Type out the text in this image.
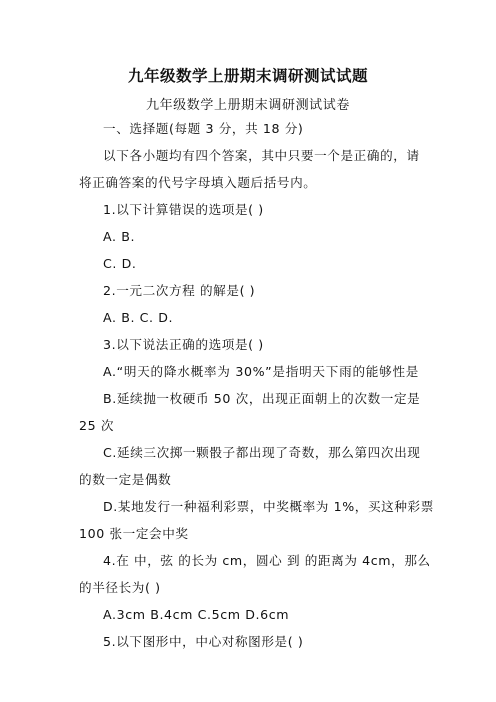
九年级数学上册期末调研测试试题
九年级数学上册期末调研测试试卷
一、选择题(每题 3 分，共 18 分)
以下各小题均有四个答案，其中只要一个是正确的，请
将正确答案的代号字母填入题后括号内。
1.以下计算错误的选项是( )
A. B.
C. D.
2.一元二次方程 的解是( )
A. B. C. D.
3.以下说法正确的选项是( )
A.“明天的降水概率为 30%”是指明天下雨的能够性是
B.延续抛一枚硬币 50 次，出现正面朝上的次数一定是
25 次
C.延续三次掷一颗骰子都出现了奇数，那么第四次出现
的数一定是偶数
D.某地发行一种福利彩票，中奖概率为 1%，买这种彩票
100 张一定会中奖
4.在 中，弦 的长为 cm，圆心 到 的距离为 4cm，那么
的半径长为( )
A.3cm B.4cm C.5cm D.6cm
5.以下图形中，中心对称图形是( )
